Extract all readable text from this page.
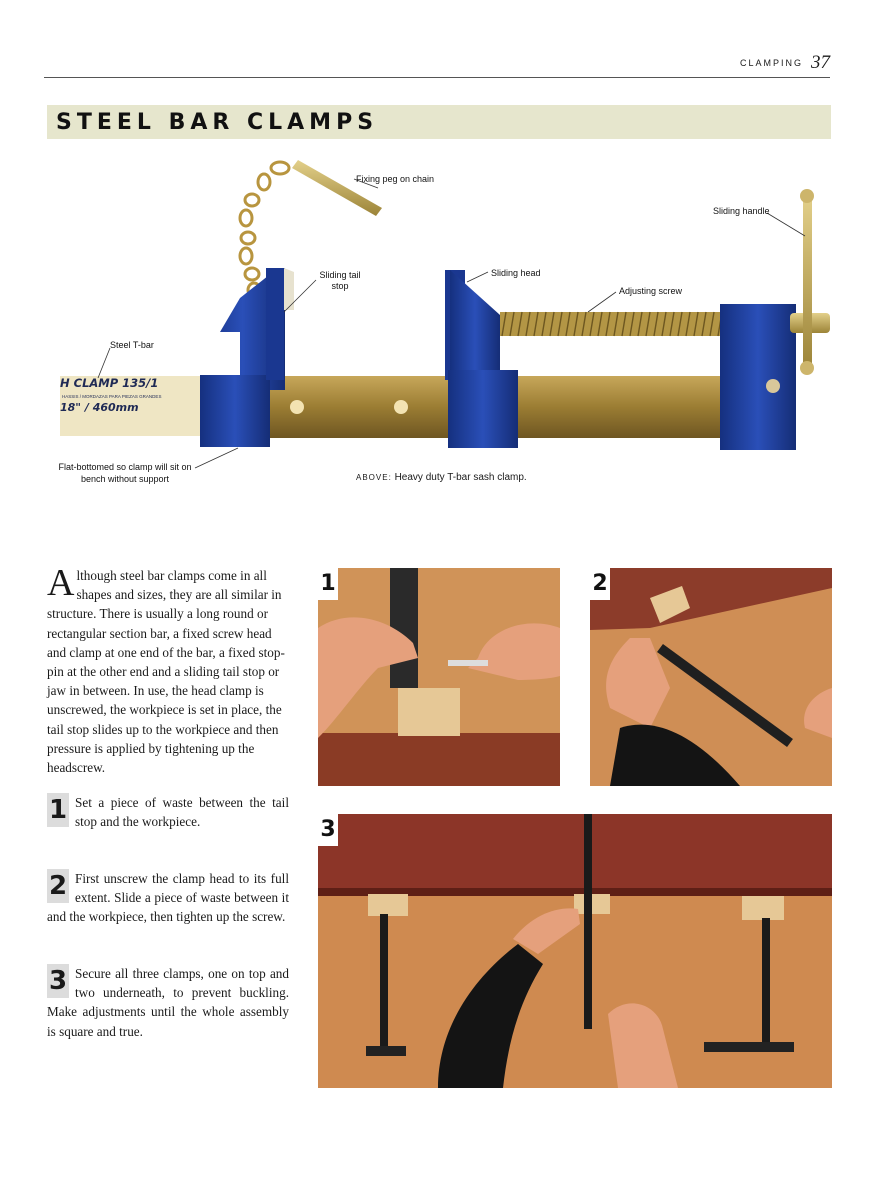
CLAMPING 37
STEEL BAR CLAMPS
H CLAMP 135/1
HASSIS / MORDAZAS PARA PIEZAS GRANDES
18" / 460mm
Fixing peg on chain
Sliding handle
Sliding tail stop
Sliding head
Adjusting screw
Steel T-bar
Flat-bottomed so clamp will sit on
bench without support	ABOVE: Heavy duty T-bar sash clamp.
Although steel bar clamps come in all shapes and sizes, they are all similar in structure. There is usually a long round or rectangular section bar, a fixed screw head and clamp at one end of the bar, a fixed stop-pin at the other end and a sliding tail stop or jaw in between. In use, the head clamp is unscrewed, the workpiece is set in place, the tail stop slides up to the workpiece and then pressure is applied by tightening up the headscrew.
1 Set a piece of waste between the tail stop and the workpiece.
2 First unscrew the clamp head to its full extent. Slide a piece of waste between it and the workpiece, then tighten up the screw.
3 Secure all three clamps, one on top and two underneath, to prevent buckling. Make adjustments until the whole assembly is square and true.
1	2
3
